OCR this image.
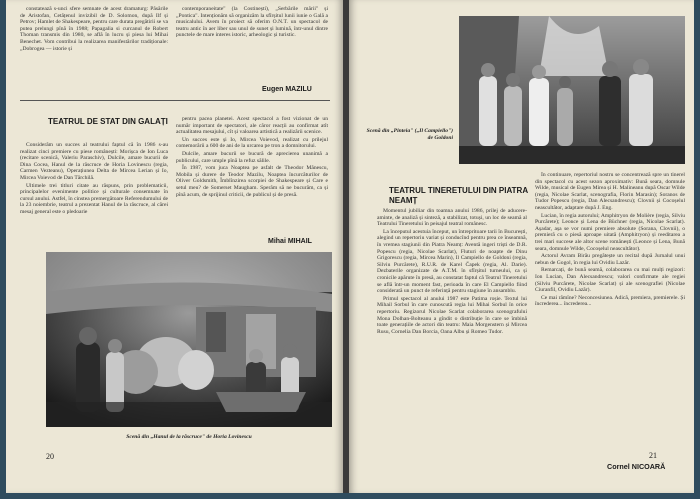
constatează s-unci sfere semnate de acest dramaturg: Păsările de Aristofan, Cetățenul invizibil de D. Solomon, după Ilf și Petrov; Hamlet de Shakespeare, pentru care durata pregătirii se va putea prelungi pînă în 1988; Papagalia si curcanul de Robert Thoman transmis din 1980, se află în lucru și piesa lui Mihai Benechet. Vom contribui la realizarea manifestărilor tradiționale: „Dobrogea — istorie și

contemporaneitate" (la Costinești), „Serbările mării" și „Pontica". Intenționăm să organizăm la sfîrșitul lunii iunie o Gală a musicalului. Avem în proiect să oferim O.N.T. un spectacol de teatru antic în aer liber sau unul de sunet și lumină, într-unul dintre punctele de mare interes istoric, arheologic și turistic.

Eugen MAZILU
TEATRUL DE STAT DIN GALAȚI

Considerăm un succes al teatrului faptul că în 1986 s-au realizat cinci premiere cu piese românești: Morișca de Ion Luca (recitare scenică, Valeriu Paraschiv), Dulcile, amare bucurii de Dina Cocea, Hanul de la răscruce de Horia Lovinescu (regia, Carmen Vezteanu), Operațiunea Delta de Mircea Lerian și Io, Mircea Voievod de Dan Tărchilă.

Ultimele trei titluri citate au răspuns, prin problematicii, principalelor evenimente politice și culturale consemnate în cursul anului. Astfel, în cinstea premergătoare Referendumului de la 23 noiembrie, teatrul a prezentat Hanul de la răscruce, al cărei mesaj general este o pledoarie

pentru pacea planetei. Acest spectacol a fost vizionat de un număr important de spectatori, ale căror reacții au confirmat atît actualitatea mesajului, cît și valoarea artistică a realizării scenice.

Un succes este și Io, Mircea Voievod, realizat cu prilejul comemorării a 600 de ani de la urcarea pe tron a domnitorului.

Dulcile, amare bucurii se bucură de aprecierea unanimă a publicului, care umple pînă la refuz sălile.

În 1987, vom juca Noaptea pe asfalt de Theodor Mănescu, Mobila și durere de Teodor Mazilu, Noaptea încurcăturilor de Oliver Goldsmith, Îmblînzirea scorpiei de Shakespeare și Care e setul meu? de Somerset Maugham. Sperăm să ne bucurăm, ca și pînă acum, de sprijinul criticii, de publicul și de presă.

Mihai MIHAIL
Scenă din „Hanul de la răscruce" de Horia Lovinescu
20
Scenă din „Pinteia" („Il Campiello") de Goldoni
TEATRUL TINERETULUI DIN PIATRA NEAMȚ

Momentul jubiliar din toamna anului 1986, prilej de aducere-aminte, de analiză și sinteză, a stabilizat, totuși, un loc de seamă al Teatrului Tineretului în peisajul teatral românesc.

La începutul acestuia început, un întrepritoare tarii în București, alegind un repertoriu variat și conducînd pentru prea ce înseamnă, în vremea stagiunii din Piatra Neamț: Aventă ingeri triști de D.R. Popescu (regia, Nicolae Scarlat), Fluturi de noapte de Dinu Grigorescu (regia, Mircea Marin), Il Campiello de Goldoni (regia, Silviu Purcărete), R.U.R. de Karel Čapek (regia, Al. Darie). Dezbaterile organizate de A.T.M. în sfîrșitul turneului, ca și cronicile apărute în presă, au constatat faptul că Teatrul Tineretului se află într-un moment fast, perioada în care El Campiello fiind considerată un punct de referință pentru stagiune în ansamblu.

Primul spectacol al anului 1987 este Patima roșie. Textul lui Mihail Sorbul în care cunoscută regia lui Mihai Sorbul în orice repertoriu. Regizorul Nicolae Scarlat colaborarea scenografului Mona Dolhan-Bolteanu a gîndit o distribuție în care se îmbină toate generațiile de actori din teatru: Maia Morgenstern și Mircea Rusu, Cornelia Dan Borcia, Oana Albu și Romeo Tudor.

În continuare, repertoriul nostru se concentrează spre un tinerel din spectacol cu acest sezon aproximativ: Bună seara, domnule Wilde, musical de Eugen Mirea și H. Malineanu după Oscar Wilde (regia, Nicolae Scarlat, scenografia, Florin Marasin); Soranos de Tudor Popescu (regia, Dan Alecsandrescu); Clovnii și Cocoșelul neascultător, adaptare după J. Eng.

Lucian, în regia autorului; Amphitryon de Molière (regia, Silviu Purcărete); Leonce și Lena de Büchner (regia, Nicolae Scarlat). Așadar, așa se vor numi premiere absolute (Sorana, Clovnii), o premieră cu o piesă aproape uitată (Amphitryon) și reeditarea a trei mari succese ale altor scene românești (Leonce și Lena, Bună seara, domnule Wilde, Cocoșelul neascultător).

Actorul Avram Birău pregătește un recital după Jurnalul unui nebun de Gogol, în regia lui Ovidiu Lazăr.

Remarcați, de bună seamă, colaborarea cu mai mulți regizori: Ion Lucian, Dan Alecsandrescu; valori confirmate ale regiei (Silviu Purcărete, Nicolae Scarlat) și ale scenografiei (Nicolae Ciuranfil, Ovidiu Lazăr).

Ce mai rămîne? Neconcesiunea. Adică, premiera, premierele. Și încrederea... încrederea...

Cornel NICOARĂ
21
